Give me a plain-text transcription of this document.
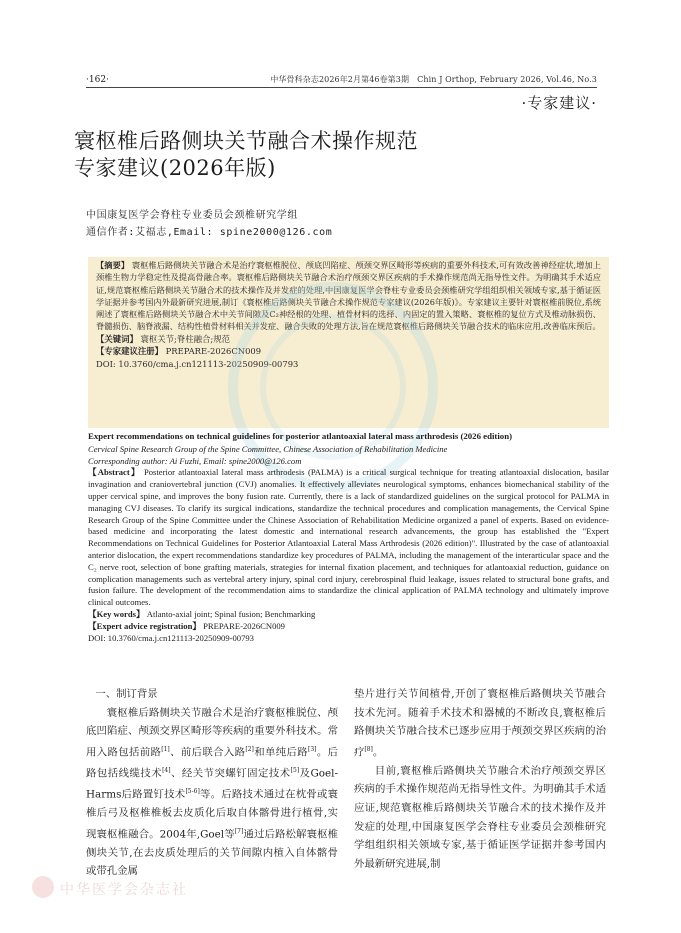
·162·	中华骨科杂志2026年2月第46卷第3期　Chin J Orthop, February 2026, Vol.46, No.3
·专家建议·
寰枢椎后路侧块关节融合术操作规范
专家建议(2026年版)
中国康复医学会脊柱专业委员会颈椎研究学组
通信作者:艾福志,Email: spine2000@126.com

【摘要】 寰枢椎后路侧块关节融合术是治疗寰枢椎脱位、颅底凹陷症、颅颈交界区畸形等疾病的重要外科技术,可有效改善神经症状,增加上颈椎生物力学稳定性及提高骨融合率。寰枢椎后路侧块关节融合术治疗颅颈交界区疾病的手术操作规范尚无指导性文件。为明确其手术适应证,规范寰枢椎后路侧块关节融合术的技术操作及并发症的处理,中国康复医学会脊柱专业委员会颈椎研究学组组织相关领域专家,基于循证医学证据并参考国内外最新研究进展,制订《寰枢椎后路侧块关节融合术操作规范专家建议(2026年版)》。专家建议主要针对寰枢椎前脱位,系统阐述了寰枢椎后路侧块关节融合术中关节间隙及C₂神经根的处理、植骨材料的选择、内固定的置入策略、寰枢椎的复位方式及椎动脉损伤、脊髓损伤、脑脊液漏、结构性植骨材料相关并发症、融合失败的处理方法,旨在规范寰枢椎后路侧块关节融合技术的临床应用,改善临床预后。

【关键词】 寰枢关节;脊柱融合;规范

【专家建议注册】 PREPARE-2026CN009

DOI: 10.3760/cma.j.cn121113-20250909-00793

Expert recommendations on technical guidelines for posterior atlantoaxial lateral mass arthrodesis (2026 edition)

Cervical Spine Research Group of the Spine Committee, Chinese Association of Rehabilitation Medicine

Corresponding author: Ai Fuzhi, Email: spine2000@126.com

【Abstract】 Posterior atlantoaxial lateral mass arthrodesis (PALMA) is a critical surgical technique for treating atlantoaxial dislocation, basilar invagination and craniovertebral junction (CVJ) anomalies. It effectively alleviates neurological symptoms, enhances biomechanical stability of the upper cervical spine, and improves the bony fusion rate. Currently, there is a lack of standardized guidelines on the surgical protocol for PALMA in managing CVJ diseases. To clarify its surgical indications, standardize the technical procedures and complication managements, the Cervical Spine Research Group of the Spine Committee under the Chinese Association of Rehabilitation Medicine organized a panel of experts. Based on evidence-based medicine and incorporating the latest domestic and international research advancements, the group has established the "Expert Recommendations on Technical Guidelines for Posterior Atlantoaxial Lateral Mass Arthrodesis (2026 edition)". Illustrated by the case of atlantoaxial anterior dislocation, the expert recommendations standardize key procedures of PALMA, including the management of the interarticular space and the C₂ nerve root, selection of bone grafting materials, strategies for internal fixation placement, and techniques for atlantoaxial reduction, guidance on complication managements such as vertebral artery injury, spinal cord injury, cerebrospinal fluid leakage, issues related to structural bone grafts, and fusion failure. The development of the recommendation aims to standardize the clinical application of PALMA technology and ultimately improve clinical outcomes.

【Key words】 Atlanto-axial joint; Spinal fusion; Benchmarking

【Expert advice registration】 PREPARE-2026CN009

DOI: 10.3760/cma.j.cn121113-20250909-00793

一、制订背景

寰枢椎后路侧块关节融合术是治疗寰枢椎脱位、颅底凹陷症、颅颈交界区畸形等疾病的重要外科技术。常用入路包括前路[1]、前后联合入路[2]和单纯后路[3]。后路包括线缆技术[4]、经关节突螺钉固定技术[5]及Goel-Harms后路置钉技术[5-6]等。后路技术通过在枕骨或寰椎后弓及枢椎椎板去皮质化后取自体髂骨进行植骨,实现寰枢椎融合。2004年,Goel等[7]通过后路松解寰枢椎侧块关节,在去皮质处理后的关节间隙内植入自体髂骨或带孔金属

垫片进行关节间植骨,开创了寰枢椎后路侧块关节融合技术先河。随着手术技术和器械的不断改良,寰枢椎后路侧块关节融合技术已逐步应用于颅颈交界区疾病的治疗[8]。

目前,寰枢椎后路侧块关节融合术治疗颅颈交界区疾病的手术操作规范尚无指导性文件。为明确其手术适应证,规范寰枢椎后路侧块关节融合术的技术操作及并发症的处理,中国康复医学会脊柱专业委员会颈椎研究学组组织相关领域专家,基于循证医学证据并参考国内外最新研究进展,制

中华医学会杂志社
